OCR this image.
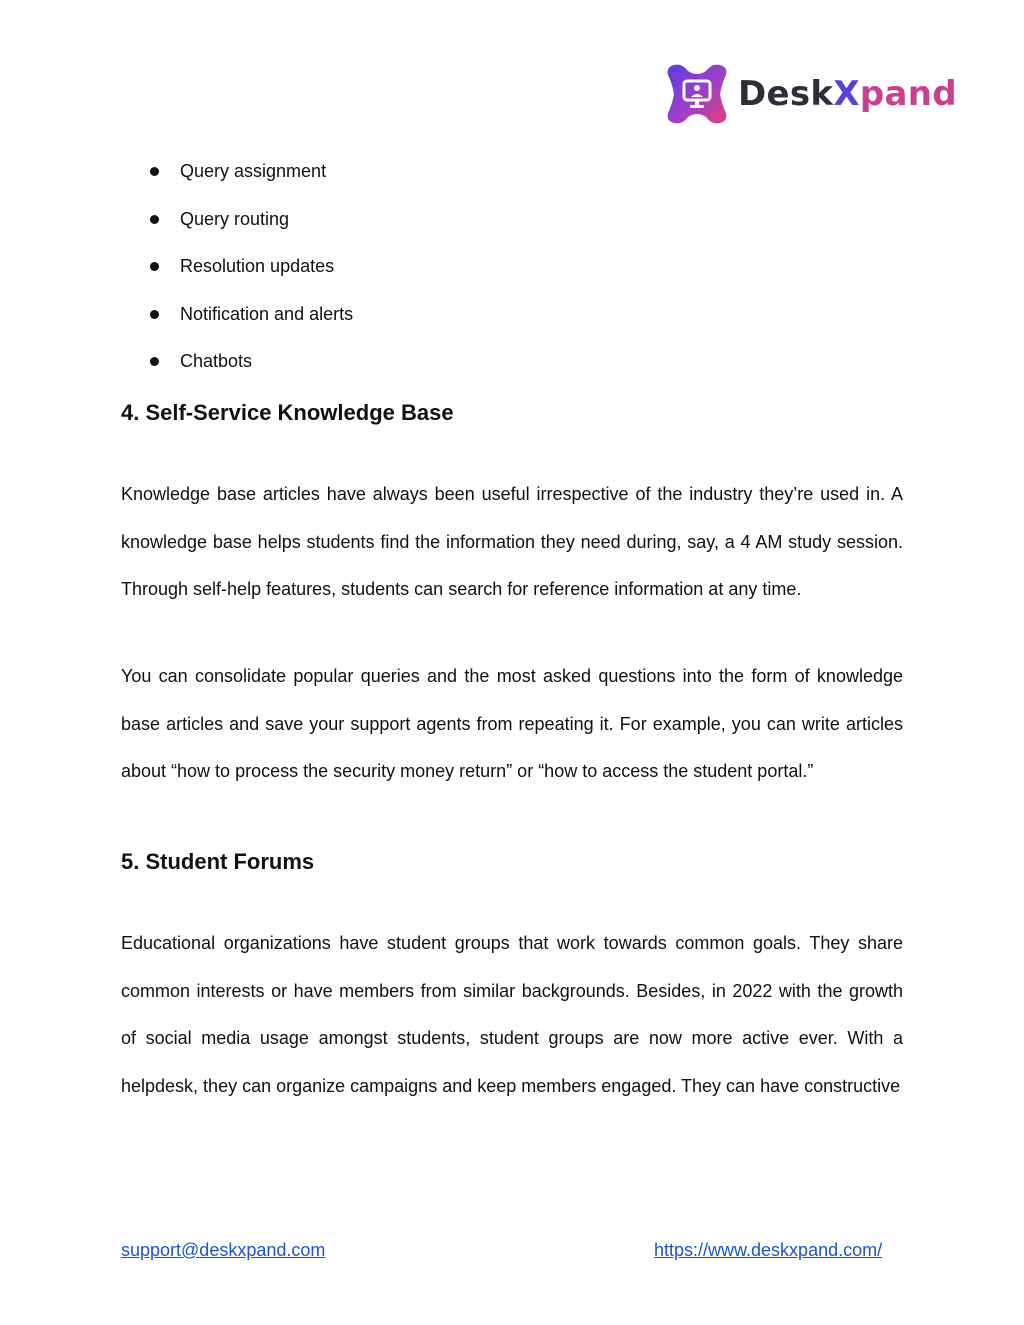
DeskXpand
Query assignment
Query routing
Resolution updates
Notification and alerts
Chatbots
4. Self-Service Knowledge Base

Knowledge base articles have always been useful irrespective of the industry they’re used in. A knowledge base helps students find the information they need during, say, a 4 AM study session. Through self-help features, students can search for reference information at any time.

You can consolidate popular queries and the most asked questions into the form of knowledge base articles and save your support agents from repeating it. For example, you can write articles about “how to process the security money return” or “how to access the student portal.”

5. Student Forums

Educational organizations have student groups that work towards common goals. They share common interests or have members from similar backgrounds. Besides, in 2022 with the growth of social media usage amongst students, student groups are now more active ever. With a helpdesk, they can organize campaigns and keep members engaged. They can have constructive

support@deskxpand.com	https://www.deskxpand.com/
